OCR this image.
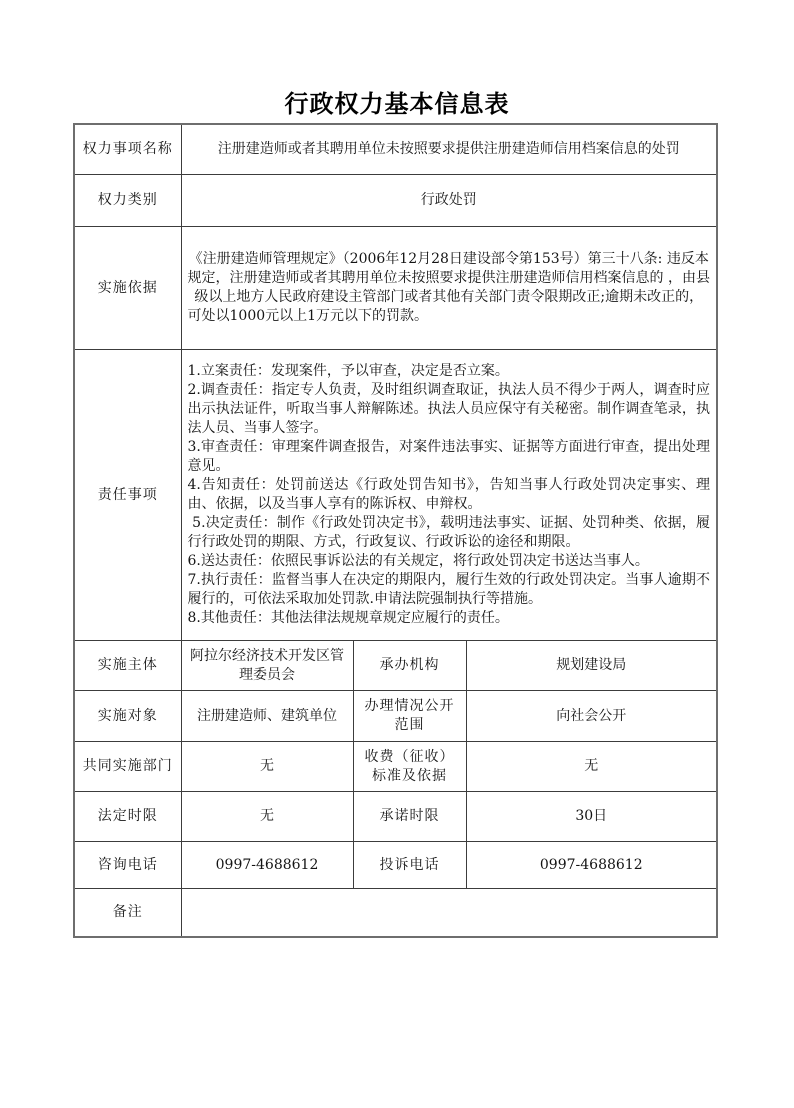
行政权力基本信息表
权力事项名称	注册建造师或者其聘用单位未按照要求提供注册建造师信用档案信息的处罚		
权力类别	行政处罚		
实施依据	《注册建造师管理规定》（2006年12月28日建设部令第153号）第三十八条: 违反本规定，注册建造师或者其聘用单位未按照要求提供注册建造师信用档案信息的 ，由县级以上地方人民政府建设主管部门或者其他有关部门责令限期改正;逾期未改正的，可处以1000元以上1万元以下的罚款。		
责任事项	

1.立案责任：发现案件，予以审查，决定是否立案。

2.调查责任：指定专人负责，及时组织调查取证，执法人员不得少于两人，调查时应出示执法证件，听取当事人辩解陈述。执法人员应保守有关秘密。制作调查笔录，执法人员、当事人签字。

3.审查责任：审理案件调查报告，对案件违法事实、证据等方面进行审查，提出处理意见。

4.告知责任：处罚前送达《行政处罚告知书》，告知当事人行政处罚决定事实、理由、依据，以及当事人享有的陈诉权、申辩权。

5.决定责任：制作《行政处罚决定书》，载明违法事实、证据、处罚种类、依据，履行行政处罚的期限、方式，行政复议、行政诉讼的途径和期限。

6.送达责任：依照民事诉讼法的有关规定，将行政处罚决定书送达当事人。

7.执行责任：监督当事人在决定的期限内，履行生效的行政处罚决定。当事人逾期不履行的，可依法采取加处罚款.申请法院强制执行等措施。

8.其他责任：其他法律法规规章规定应履行的责任。

实施主体	阿拉尔经济技术开发区管理委员会	承办机构	规划建设局
实施对象	注册建造师、建筑单位	办理情况公开范围	向社会公开
共同实施部门	无	收费（征收）标准及依据	无
法定时限	无	承诺时限	30日
咨询电话	0997-4688612	投诉电话	0997-4688612
备注			
